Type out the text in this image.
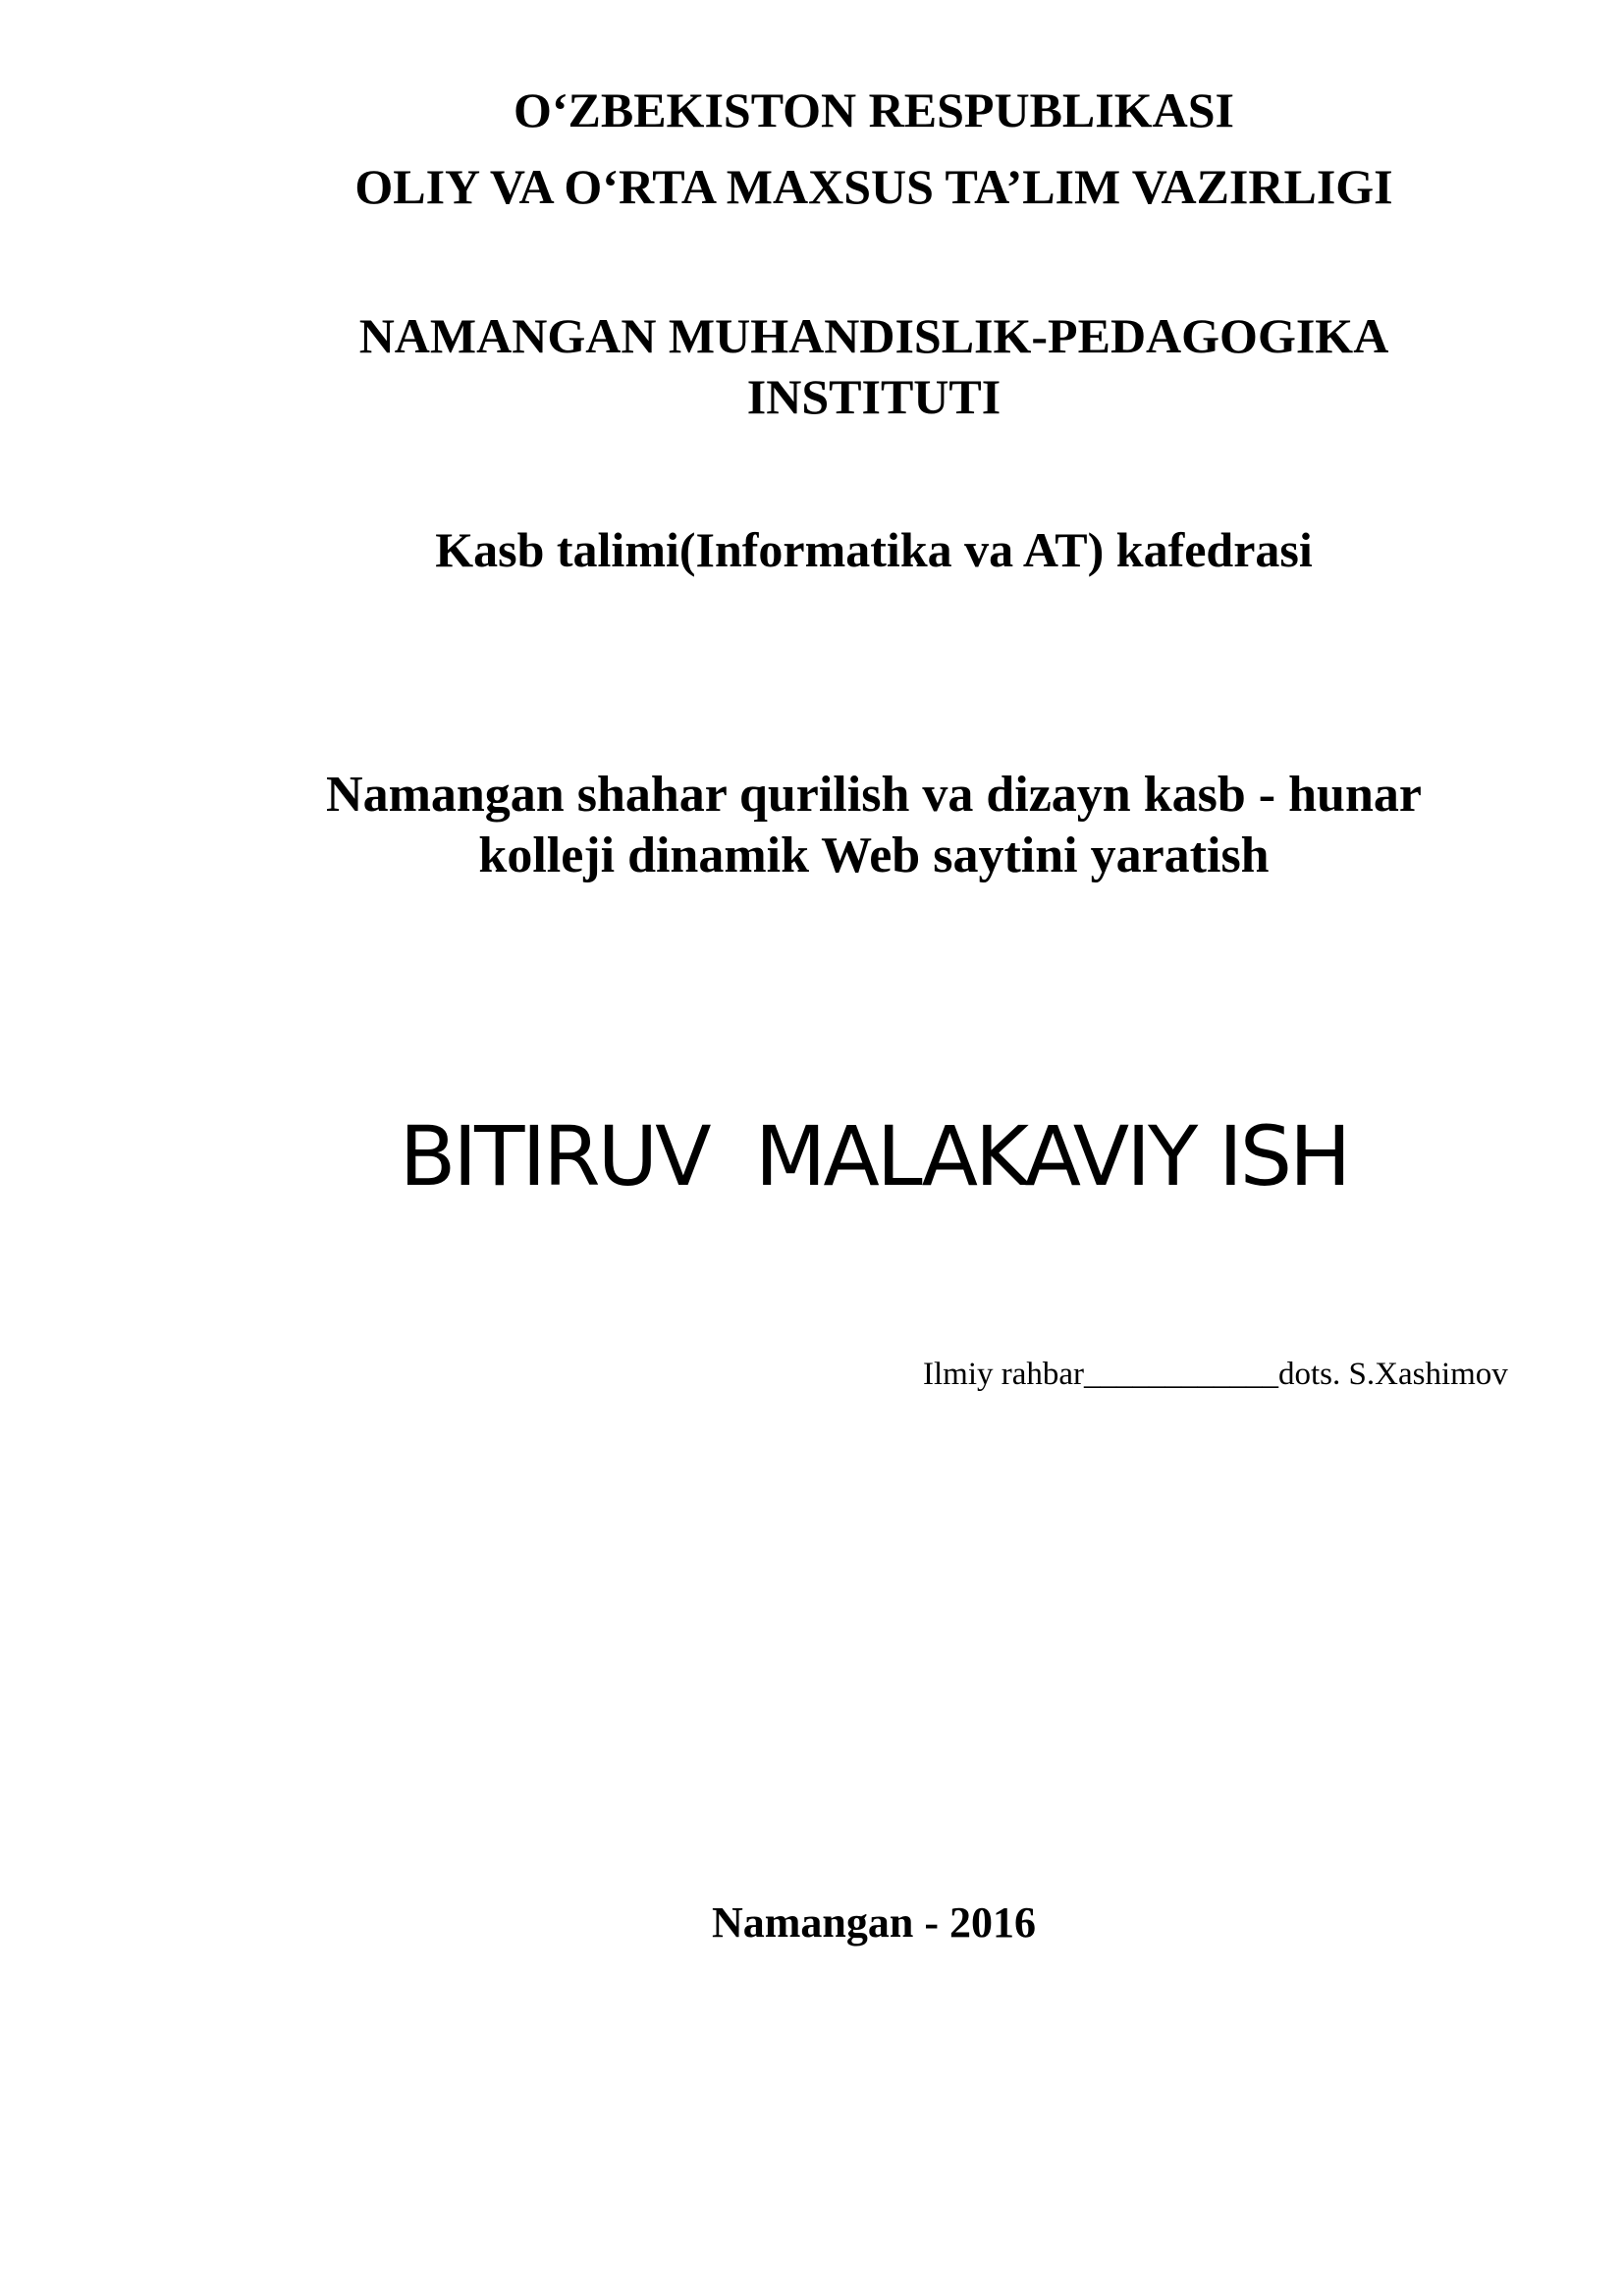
O‘ZBEKISTON RESPUBLIKASI
OLIY VA O‘RTA MAXSUS TA’LIM VAZIRLIGI
NAMANGAN MUHANDISLIK-PEDAGOGIKA
INSTITUTI
Kasb talimi(Informatika va AT) kafedrasi
Namangan shahar qurilish va dizayn kasb - hunar
kolleji dinamik Web saytini yaratish
BITIRUV  MALAKAVIY ISH
Ilmiy rahbar____________dots. S.Xashimov
Namangan - 2016
